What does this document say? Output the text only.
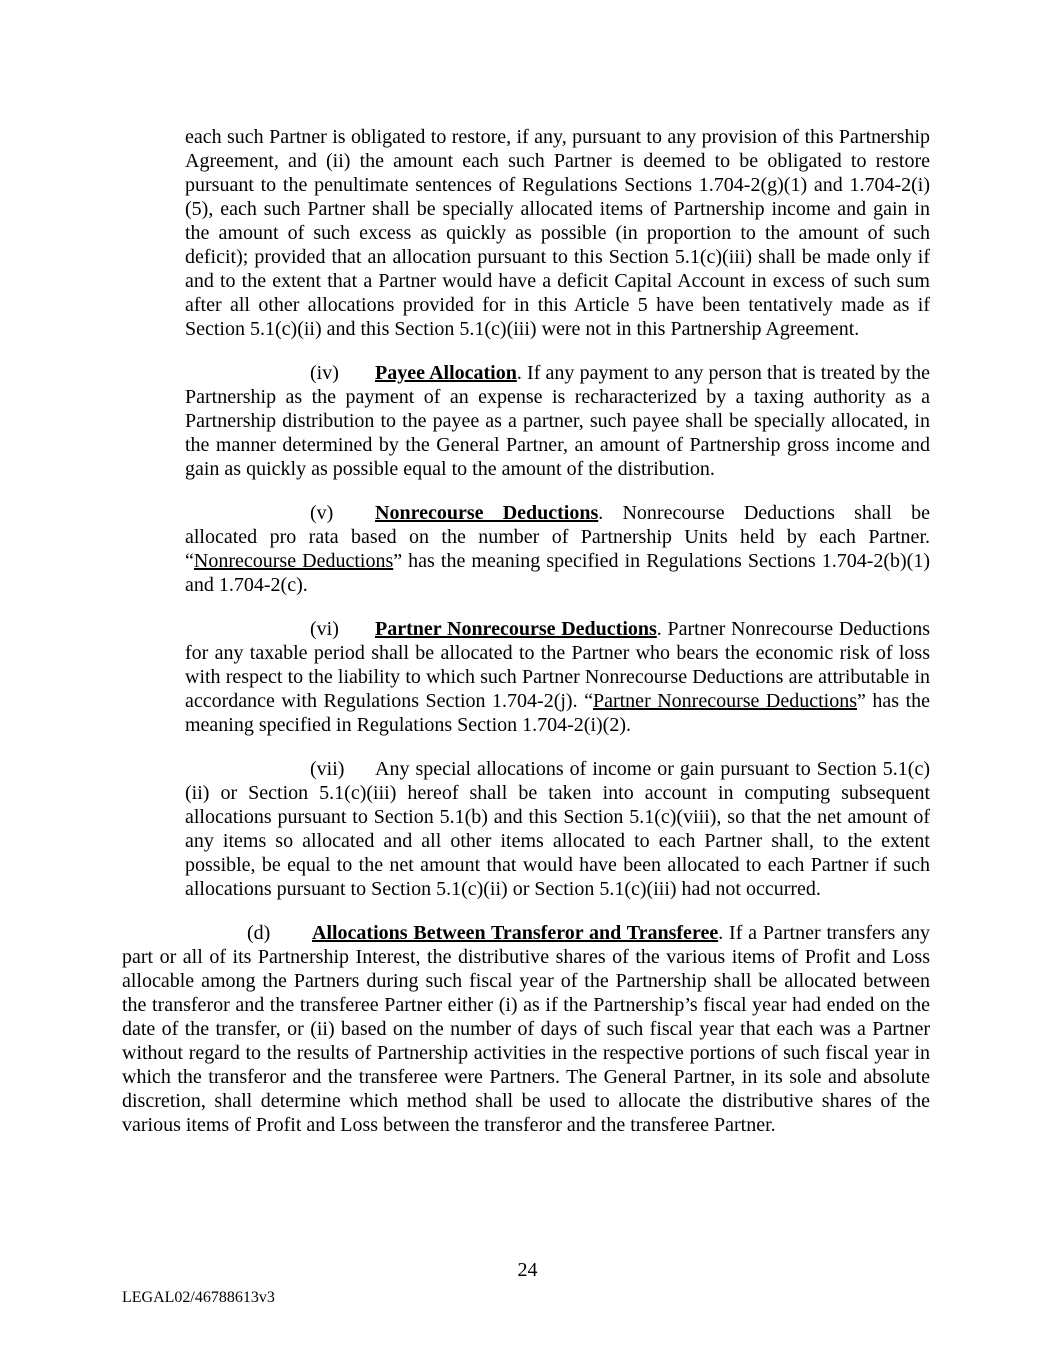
each such Partner is obligated to restore, if any, pursuant to any provision of this Partnership Agreement, and (ii) the amount each such Partner is deemed to be obligated to restore pursuant to the penultimate sentences of Regulations Sections 1.704-2(g)(1) and 1.704-2(i)(5), each such Partner shall be specially allocated items of Partnership income and gain in the amount of such excess as quickly as possible (in proportion to the amount of such deficit); provided that an allocation pursuant to this Section 5.1(c)(iii) shall be made only if and to the extent that a Partner would have a deficit Capital Account in excess of such sum after all other allocations provided for in this Article 5 have been tentatively made as if Section 5.1(c)(ii) and this Section 5.1(c)(iii) were not in this Partnership Agreement.

(iv) Payee Allocation. If any payment to any person that is treated by the Partnership as the payment of an expense is recharacterized by a taxing authority as a Partnership distribution to the payee as a partner, such payee shall be specially allocated, in the manner determined by the General Partner, an amount of Partnership gross income and gain as quickly as possible equal to the amount of the distribution.

(v) Nonrecourse Deductions. Nonrecourse Deductions shall be allocated pro rata based on the number of Partnership Units held by each Partner. “Nonrecourse Deductions” has the meaning specified in Regulations Sections 1.704-2(b)(1) and 1.704-2(c).

(vi) Partner Nonrecourse Deductions. Partner Nonrecourse Deductions for any taxable period shall be allocated to the Partner who bears the economic risk of loss with respect to the liability to which such Partner Nonrecourse Deductions are attributable in accordance with Regulations Section 1.704-2(j). “Partner Nonrecourse Deductions” has the meaning specified in Regulations Section 1.704-2(i)(2).

(vii) Any special allocations of income or gain pursuant to Section 5.1(c)(ii) or Section 5.1(c)(iii) hereof shall be taken into account in computing subsequent allocations pursuant to Section 5.1(b) and this Section 5.1(c)(viii), so that the net amount of any items so allocated and all other items allocated to each Partner shall, to the extent possible, be equal to the net amount that would have been allocated to each Partner if such allocations pursuant to Section 5.1(c)(ii) or Section 5.1(c)(iii) had not occurred.

(d) Allocations Between Transferor and Transferee. If a Partner transfers any part or all of its Partnership Interest, the distributive shares of the various items of Profit and Loss allocable among the Partners during such fiscal year of the Partnership shall be allocated between the transferor and the transferee Partner either (i) as if the Partnership’s fiscal year had ended on the date of the transfer, or (ii) based on the number of days of such fiscal year that each was a Partner without regard to the results of Partnership activities in the respective portions of such fiscal year in which the transferor and the transferee were Partners. The General Partner, in its sole and absolute discretion, shall determine which method shall be used to allocate the distributive shares of the various items of Profit and Loss between the transferor and the transferee Partner.

24
LEGAL02/46788613v3
